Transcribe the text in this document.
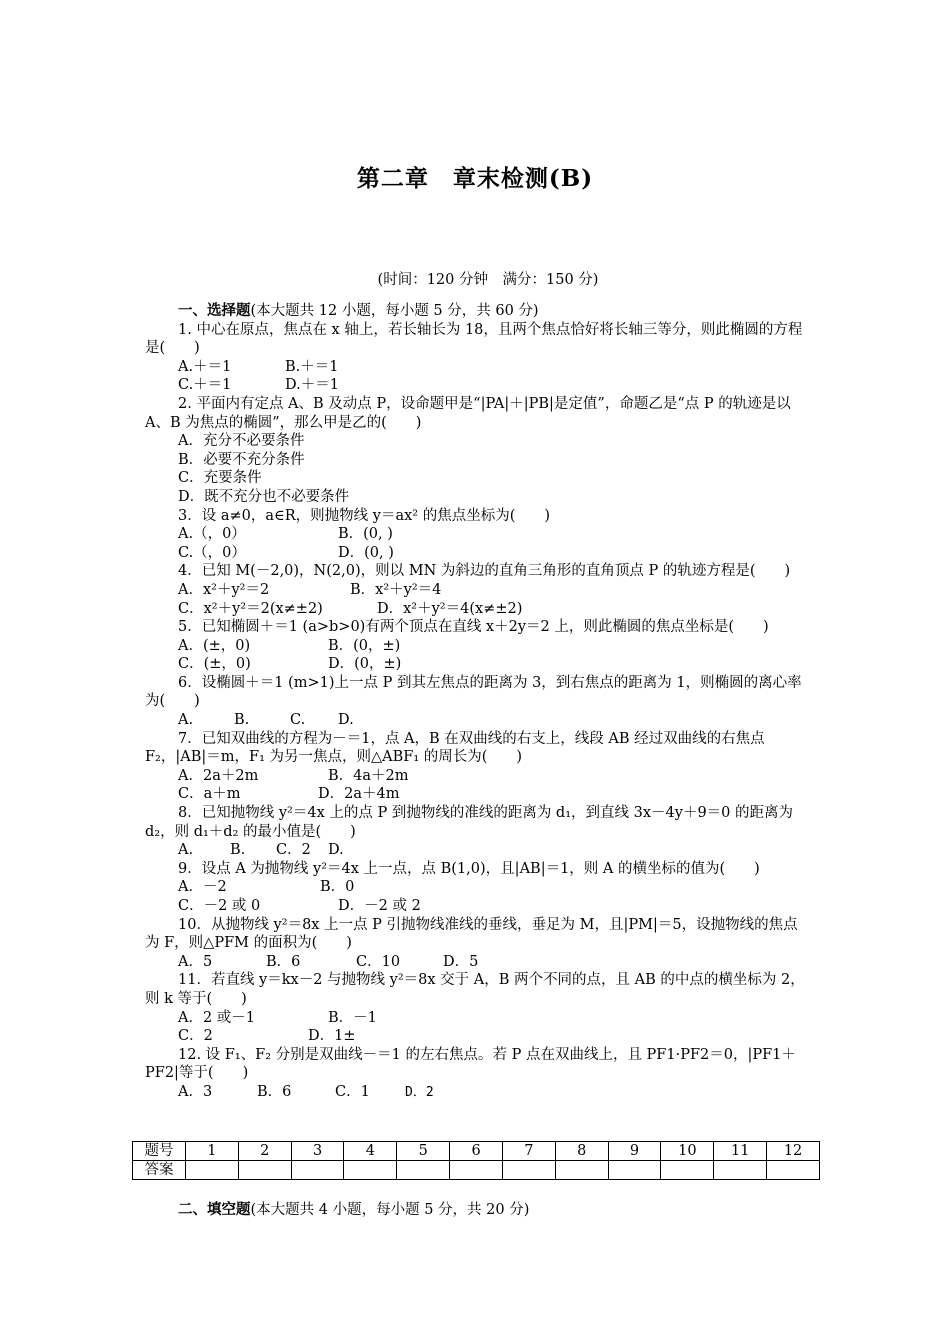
第二章　章末检测(B)
(时间：120 分钟　满分：150 分)

一、选择题(本大题共 12 小题，每小题 5 分，共 60 分)

1. 中心在原点，焦点在 x 轴上，若长轴长为 18，且两个焦点恰好将长轴三等分，则此椭圆的方程是(　　)

A.＋＝1	B.＋＝1

C.＋＝1	D.＋＝1

2. 平面内有定点 A、B 及动点 P，设命题甲是“|PA|＋|PB|是定值”，命题乙是“点 P 的轨迹是以 A、B 为焦点的椭圆”，那么甲是乙的(　　)

A．充分不必要条件

B．必要不充分条件

C．充要条件

D．既不充分也不必要条件

3．设 a≠0，a∈R，则抛物线 y＝ax² 的焦点坐标为(　　)

A.（，0）	B．(0, )

C.（，0）	D．(0, )

4．已知 M(－2,0)，N(2,0)，则以 MN 为斜边的直角三角形的直角顶点 P 的轨迹方程是(　　)

A．x²＋y²＝2	B．x²＋y²＝4

C．x²＋y²＝2(x≠±2)	D．x²＋y²＝4(x≠±2)

5．已知椭圆＋＝1 (a>b>0)有两个顶点在直线 x＋2y＝2 上，则此椭圆的焦点坐标是(　　)

A．(±，0)	B．(0，±)

C．(±，0)	D．(0，±)

6．设椭圆＋＝1 (m>1)上一点 P 到其左焦点的距离为 3，到右焦点的距离为 1，则椭圆的离心率为(　　)

A.	B.	C. D.

7．已知双曲线的方程为－＝1，点 A，B 在双曲线的右支上，线段 AB 经过双曲线的右焦点 F₂，|AB|＝m，F₁ 为另一焦点，则△ABF₁ 的周长为(　　)

A．2a＋2m	B．4a＋2m

C．a＋m	D．2a＋4m

8．已知抛物线 y²＝4x 上的点 P 到抛物线的准线的距离为 d₁，到直线 3x－4y＋9＝0 的距离为 d₂，则 d₁＋d₂ 的最小值是(　　)

A.	B. C．2 D.

9．设点 A 为抛物线 y²＝4x 上一点，点 B(1,0)，且|AB|＝1，则 A 的横坐标的值为(　　)

A．－2	B．0

C．－2 或 0	D．－2 或 2

10．从抛物线 y²＝8x 上一点 P 引抛物线准线的垂线，垂足为 M，且|PM|＝5，设抛物线的焦点为 F，则△PFM 的面积为(　　)

A．5	B．6	C．10	D．5

11．若直线 y＝kx－2 与抛物线 y²＝8x 交于 A，B 两个不同的点，且 AB 的中点的横坐标为 2，则 k 等于(　　)

A．2 或－1	B．－1

C．2	D．1±

12. 设 F₁、F₂ 分别是双曲线－＝1 的左右焦点。若 P 点在双曲线上，且 PF1·PF2＝0，|PF1＋PF2|等于(　　)

A．3	B．6	C．1	D．2

题号	1	2	3	4	5	6	7	8	9	10	11	12
答案												
二、填空题(本大题共 4 小题，每小题 5 分，共 20 分)
